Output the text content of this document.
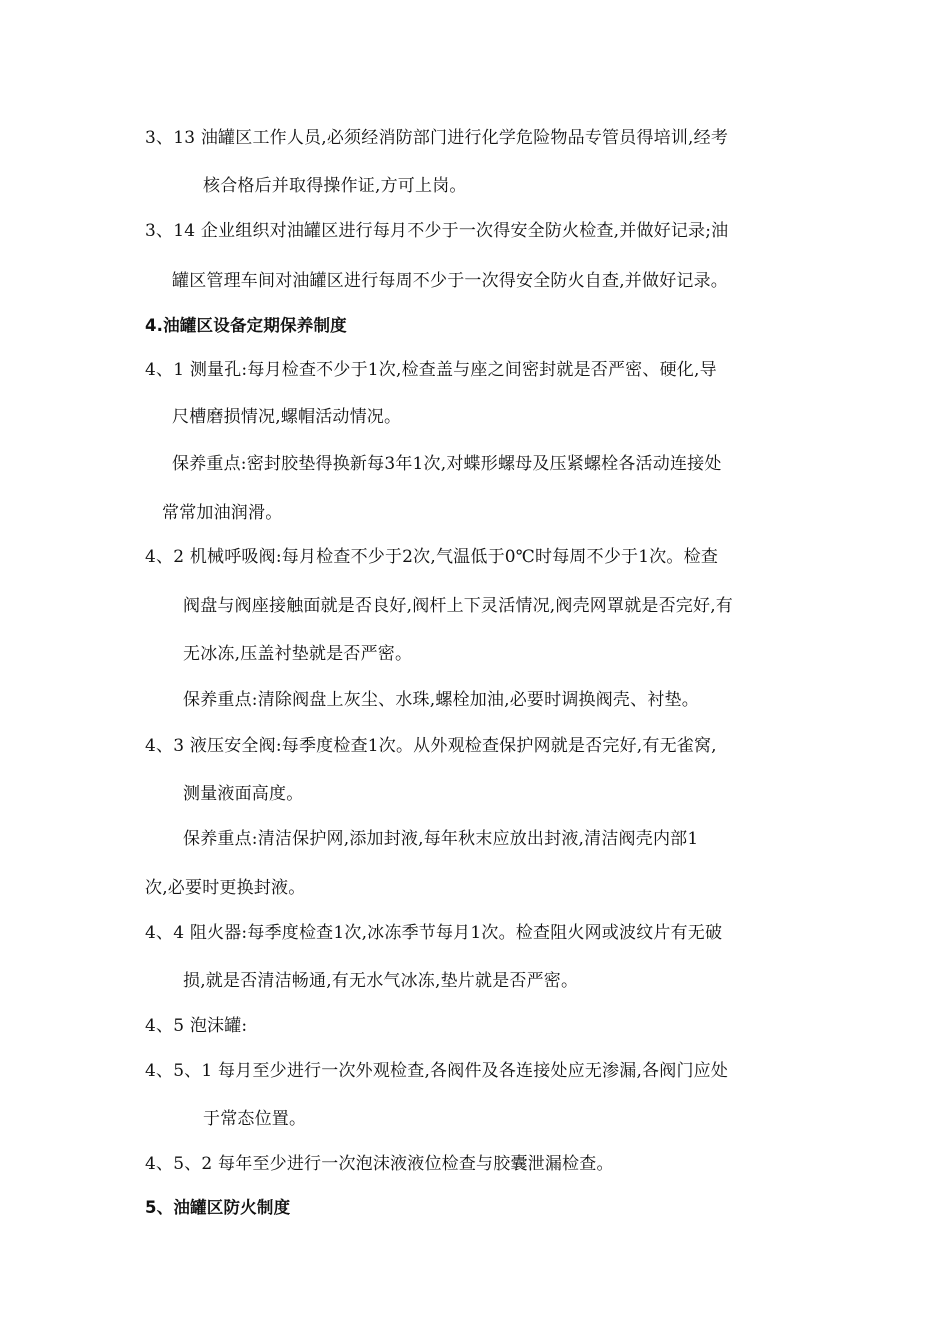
3、13 油罐区工作人员,必须经消防部门进行化学危险物品专管员得培训,经考
核合格后并取得操作证,方可上岗。
3、14 企业组织对油罐区进行每月不少于一次得安全防火检查,并做好记录;油
罐区管理车间对油罐区进行每周不少于一次得安全防火自查,并做好记录。
4.油罐区设备定期保养制度
4、1 测量孔:每月检查不少于1次,检查盖与座之间密封就是否严密、硬化,导
尺槽磨损情况,螺帽活动情况。
保养重点:密封胶垫得换新每3年1次,对蝶形螺母及压紧螺栓各活动连接处
常常加油润滑。
4、2 机械呼吸阀:每月检查不少于2次,气温低于0℃时每周不少于1次。检查
阀盘与阀座接触面就是否良好,阀杆上下灵活情况,阀壳网罩就是否完好,有
无冰冻,压盖衬垫就是否严密。
保养重点:清除阀盘上灰尘、水珠,螺栓加油,必要时调换阀壳、衬垫。
4、3 液压安全阀:每季度检查1次。从外观检查保护网就是否完好,有无雀窝,
测量液面高度。
保养重点:清洁保护网,添加封液,每年秋末应放出封液,清洁阀壳内部1
次,必要时更换封液。
4、4 阻火器:每季度检查1次,冰冻季节每月1次。检查阻火网或波纹片有无破
损,就是否清洁畅通,有无水气冰冻,垫片就是否严密。
4、5 泡沫罐:
4、5、1 每月至少进行一次外观检查,各阀件及各连接处应无渗漏,各阀门应处
于常态位置。
4、5、2 每年至少进行一次泡沫液液位检查与胶囊泄漏检查。
5、油罐区防火制度
